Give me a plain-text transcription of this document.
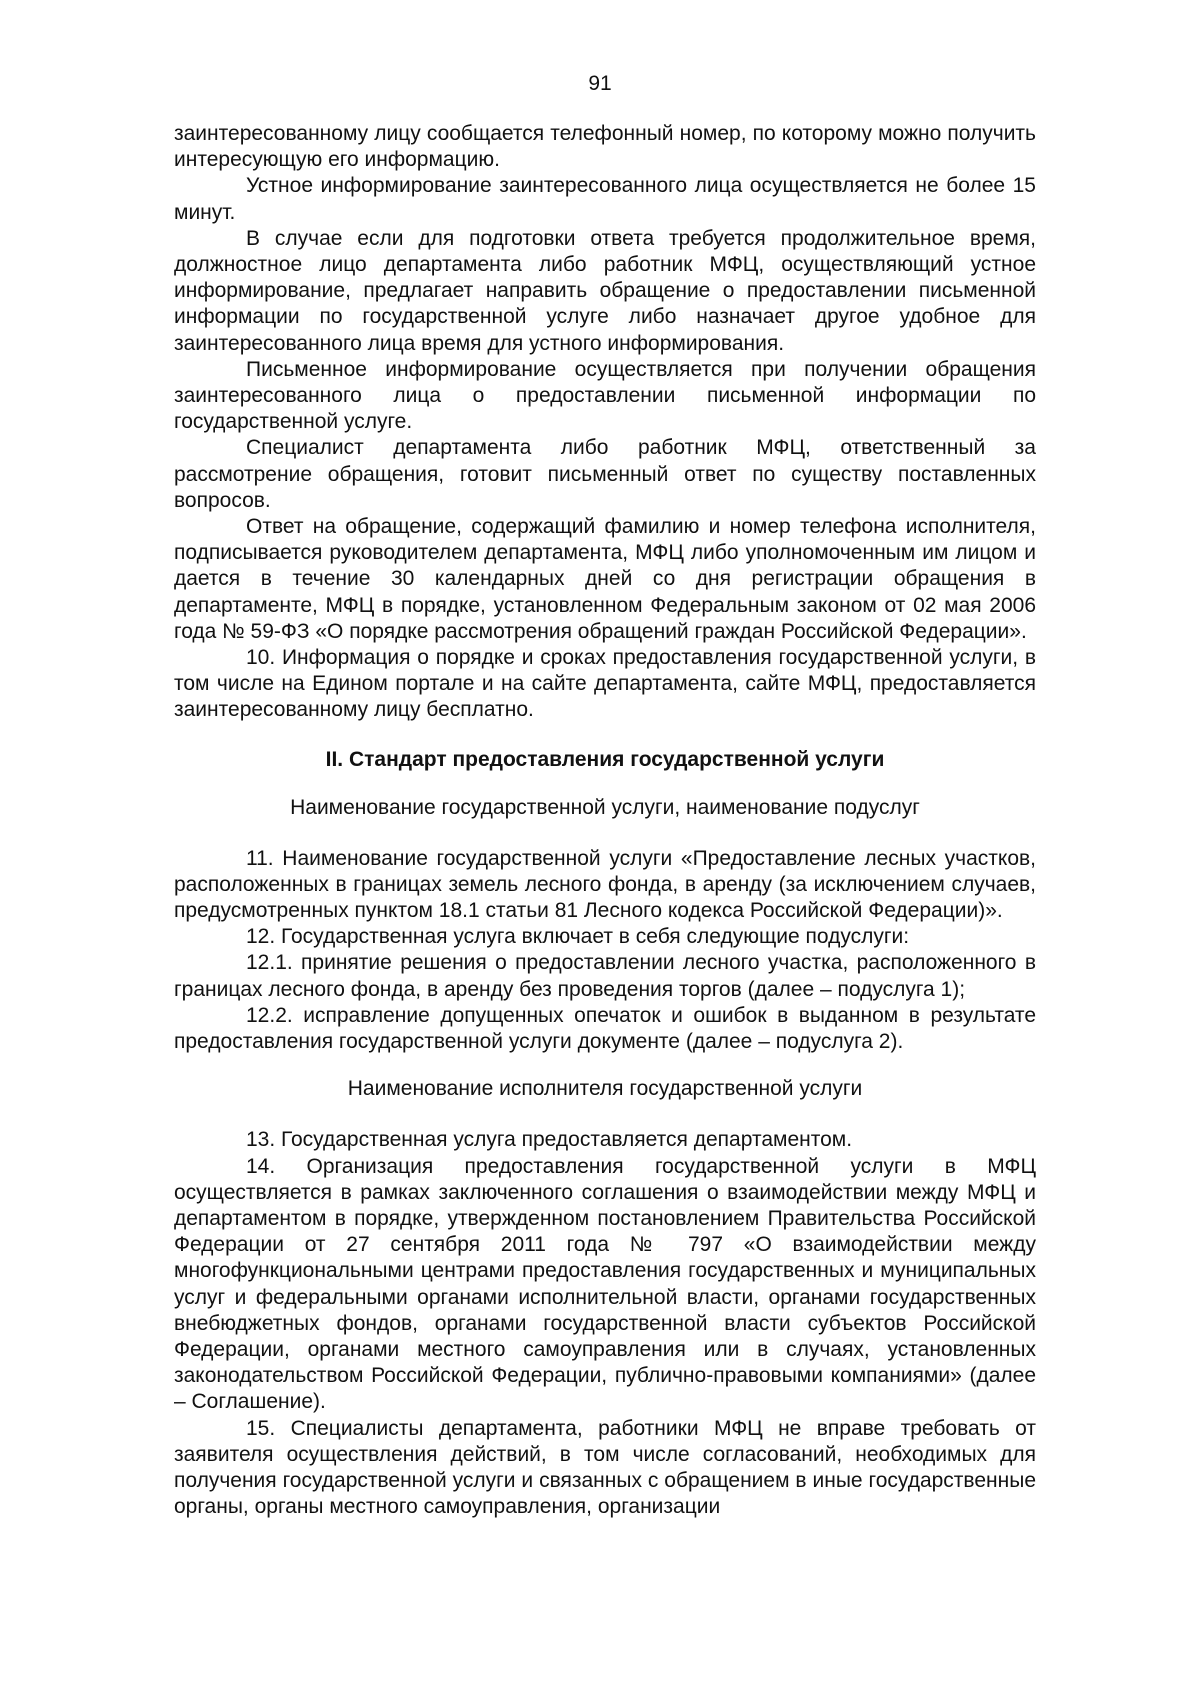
91

заинтересованному лицу сообщается телефонный номер, по которому можно получить интересующую его информацию.

Устное информирование заинтересованного лица осуществляется не более 15 минут.

В случае если для подготовки ответа требуется продолжительное время, должностное лицо департамента либо работник МФЦ, осуществляющий устное информирование, предлагает направить обращение о предоставлении письменной информации по государственной услуге либо назначает другое удобное для заинтересованного лица время для устного информирования.

Письменное информирование осуществляется при получении обращения заинтересованного лица о предоставлении письменной информации по государственной услуге.

Специалист департамента либо работник МФЦ, ответственный за рассмотрение обращения, готовит письменный ответ по существу поставленных вопросов.

Ответ на обращение, содержащий фамилию и номер телефона исполнителя, подписывается руководителем департамента, МФЦ либо уполномоченным им лицом и дается в течение 30 календарных дней со дня регистрации обращения в департаменте, МФЦ в порядке, установленном Федеральным законом от 02 мая 2006 года № 59-ФЗ «О порядке рассмотрения обращений граждан Российской Федерации».

10. Информация о порядке и сроках предоставления государственной услуги, в том числе на Едином портале и на сайте департамента, сайте МФЦ, предоставляется заинтересованному лицу бесплатно.

II. Стандарт предоставления государственной услуги
Наименование государственной услуги, наименование подуслуг

11. Наименование государственной услуги «Предоставление лесных участков, расположенных в границах земель лесного фонда, в аренду (за исключением случаев, предусмотренных пунктом 18.1 статьи 81 Лесного кодекса Российской Федерации)».

12. Государственная услуга включает в себя следующие подуслуги:

12.1. принятие решения о предоставлении лесного участка, расположенного в границах лесного фонда, в аренду без проведения торгов (далее – подуслуга 1);

12.2. исправление допущенных опечаток и ошибок в выданном в результате предоставления государственной услуги документе (далее – подуслуга 2).

Наименование исполнителя государственной услуги

13. Государственная услуга предоставляется департаментом.

14. Организация предоставления государственной услуги в МФЦ осуществляется в рамках заключенного соглашения о взаимодействии между МФЦ и департаментом в порядке, утвержденном постановлением Правительства Российской Федерации от 27 сентября 2011 года № 797 «О взаимодействии между многофункциональными центрами предоставления государственных и муниципальных услуг и федеральными органами исполнительной власти, органами государственных внебюджетных фондов, органами государственной власти субъектов Российской Федерации, органами местного самоуправления или в случаях, установленных законодательством Российской Федерации, публично-правовыми компаниями» (далее – Соглашение).

15. Специалисты департамента, работники МФЦ не вправе требовать от заявителя осуществления действий, в том числе согласований, необходимых для получения государственной услуги и связанных с обращением в иные государственные органы, органы местного самоуправления, организации
